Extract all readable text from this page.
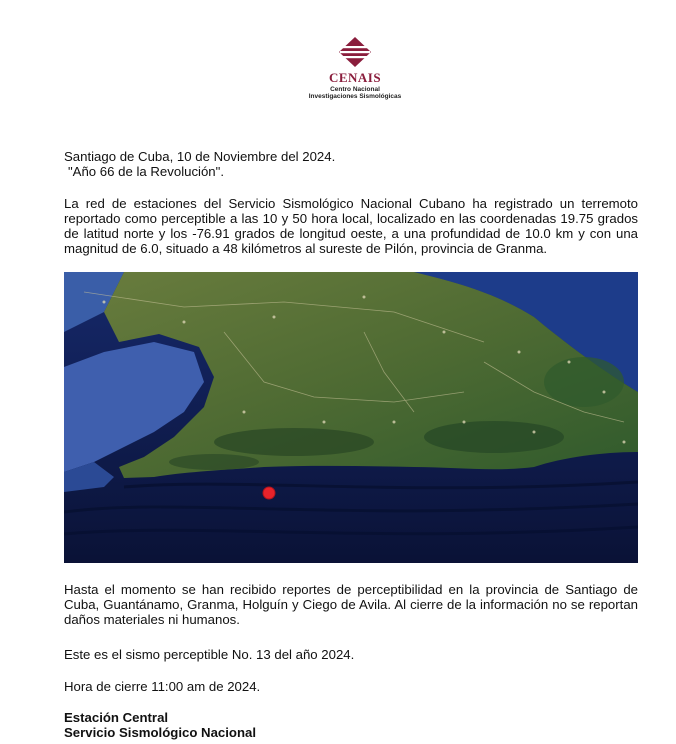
CENAIS
Centro Nacional
Investigaciones Sismológicas
Santiago de Cuba, 10 de Noviembre del 2024.
"Año 66 de la Revolución".
La red de estaciones del Servicio Sismológico Nacional Cubano ha registrado un terremoto reportado como perceptible a las 10 y 50 hora local, localizado en las coordenadas 19.75 grados de latitud norte y los -76.91 grados de longitud oeste, a una profundidad de 10.0 km y con una magnitud de 6.0, situado a 48 kilómetros al sureste de Pilón, provincia de Granma.
Hasta el momento se han recibido reportes de perceptibilidad en la provincia de Santiago de Cuba, Guantánamo, Granma, Holguín y Ciego de Avila. Al cierre de la información no se reportan daños materiales ni humanos.
Este es el sismo perceptible No. 13 del año 2024.
Hora de cierre 11:00 am de 2024.
Estación Central
Servicio Sismológico Nacional
